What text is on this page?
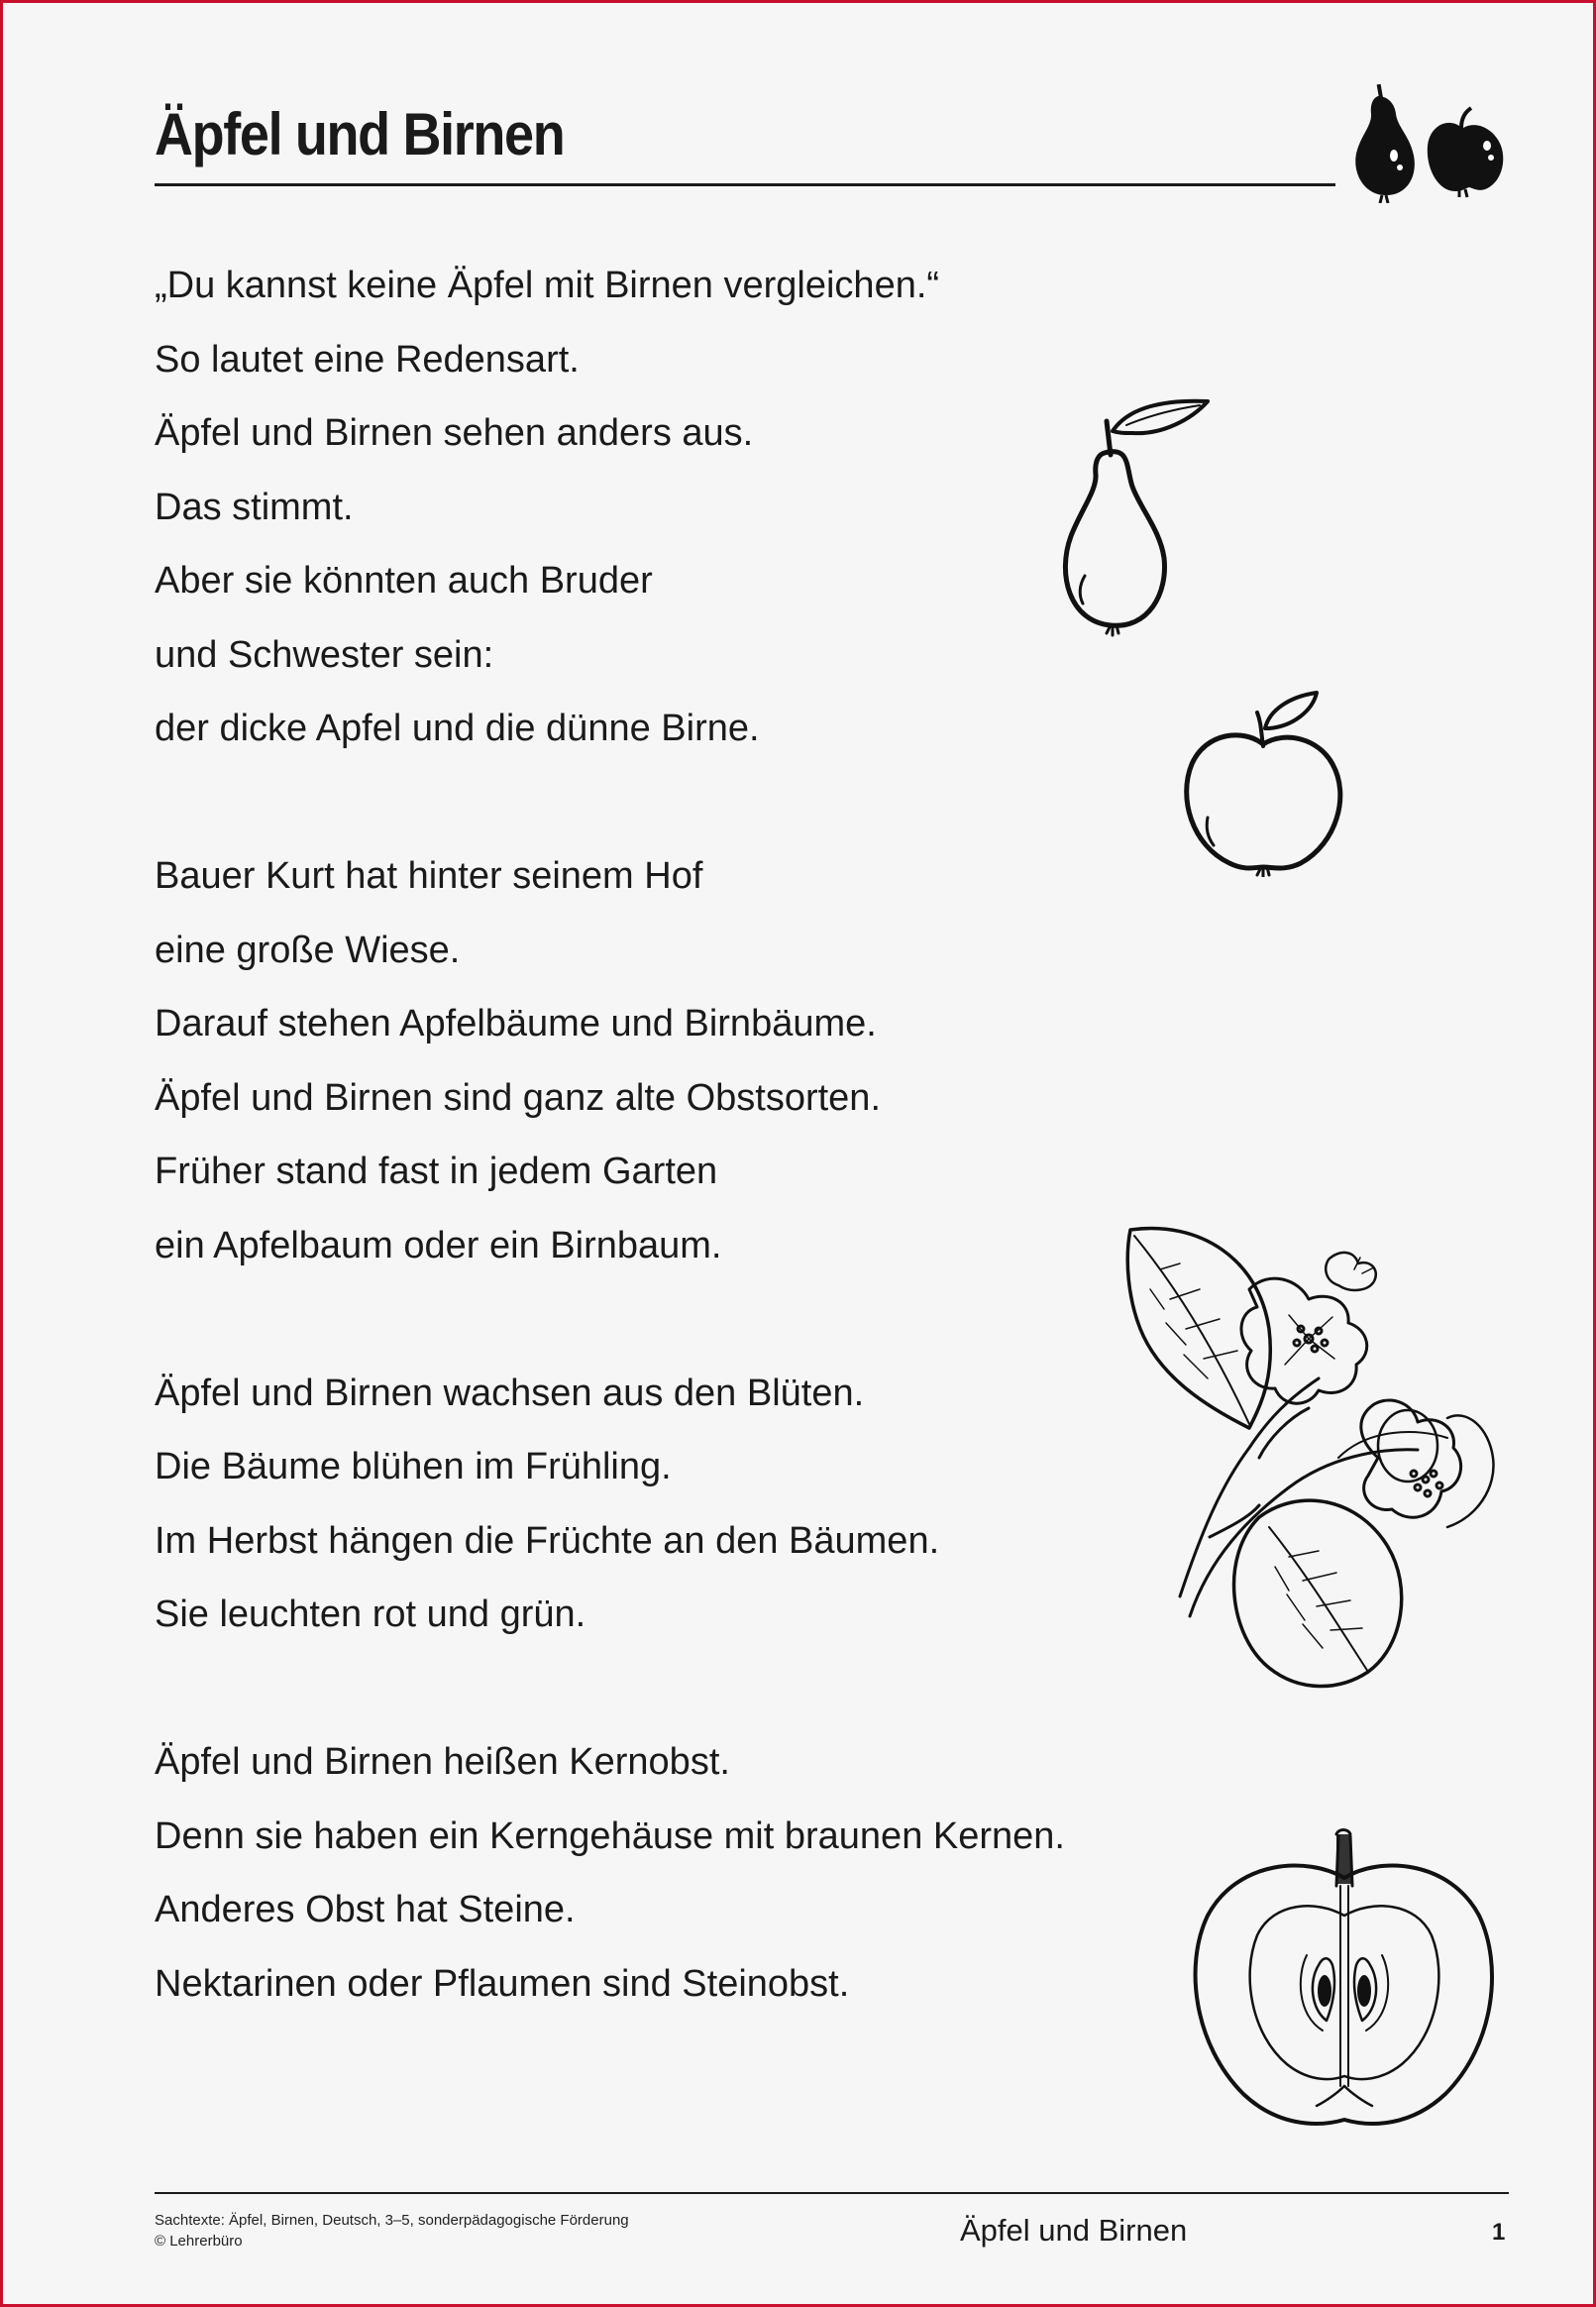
Äpfel und Birnen

„Du kannst keine Äpfel mit Birnen vergleichen.“
So lautet eine Redensart.
Äpfel und Birnen sehen anders aus.
Das stimmt.
Aber sie könnten auch Bruder
und Schwester sein:
der dicke Apfel und die dünne Birne.

Bauer Kurt hat hinter seinem Hof
eine große Wiese.
Darauf stehen Apfelbäume und Birnbäume.
Äpfel und Birnen sind ganz alte Obstsorten.
Früher stand fast in jedem Garten
ein Apfelbaum oder ein Birnbaum.

Äpfel und Birnen wachsen aus den Blüten.
Die Bäume blühen im Frühling.
Im Herbst hängen die Früchte an den Bäumen.
Sie leuchten rot und grün.

Äpfel und Birnen heißen Kernobst.
Denn sie haben ein Kerngehäuse mit braunen Kernen.
Anderes Obst hat Steine.
Nektarinen oder Pflaumen sind Steinobst.

Sachtexte: Äpfel, Birnen, Deutsch, 3–5, sonderpädagogische Förderung
© Lehrerbüro	Äpfel und Birnen	1
